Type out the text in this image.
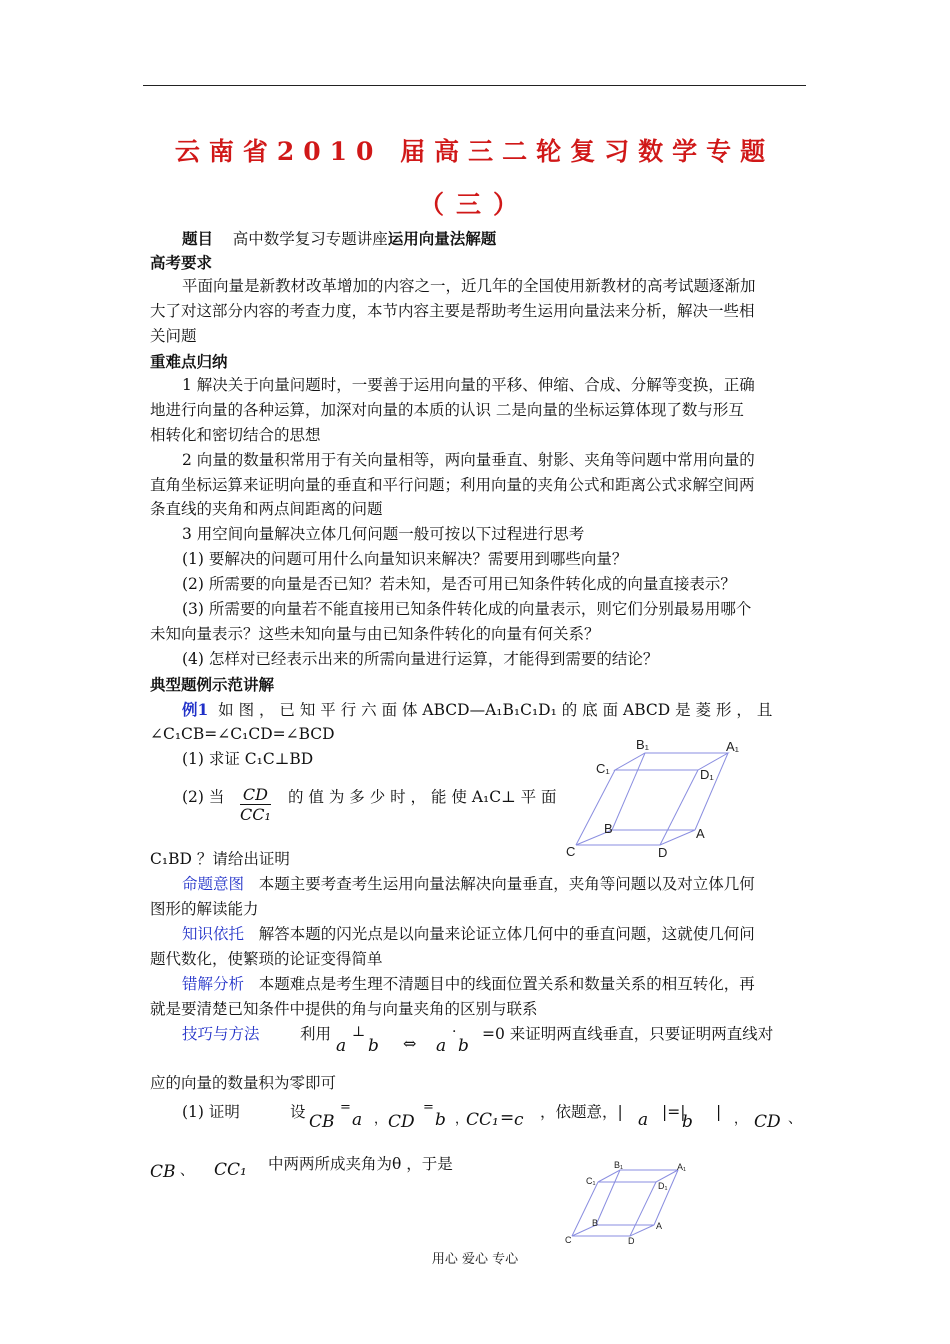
云南省2010 届高三二轮复习数学专题
（三）
题目 高中数学复习专题讲座运用向量法解题
高考要求
平面向量是新教材改革增加的内容之一，近几年的全国使用新教材的高考试题逐渐加
大了对这部分内容的考查力度，本节内容主要是帮助考生运用向量法来分析，解决一些相
关问题
重难点归纳
1 解决关于向量问题时，一要善于运用向量的平移、伸缩、合成、分解等变换，正确
地进行向量的各种运算，加深对向量的本质的认识 二是向量的坐标运算体现了数与形互
相转化和密切结合的思想
2 向量的数量积常用于有关向量相等，两向量垂直、射影、夹角等问题中常用向量的
直角坐标运算来证明向量的垂直和平行问题；利用向量的夹角公式和距离公式求解空间两
条直线的夹角和两点间距离的问题
3 用空间向量解决立体几何问题一般可按以下过程进行思考
(1) 要解决的问题可用什么向量知识来解决？需要用到哪些向量？
(2) 所需要的向量是否已知？若未知，是否可用已知条件转化成的向量直接表示？
(3) 所需要的向量若不能直接用已知条件转化成的向量表示，则它们分别最易用哪个
未知向量表示？这些未知向量与由已知条件转化的向量有何关系？
(4) 怎样对已经表示出来的所需向量进行运算，才能得到需要的结论？
典型题例示范讲解
例1 如 图 ， 已 知 平 行 六 面 体 ABCD—A₁B₁C₁D₁ 的 底 面 ABCD 是 菱 形 ， 且
∠C₁CB=∠C₁CD=∠BCD
(1) 求证 C₁C⊥BD
(2) 当 $\frac{CD}{\text{CC₁}}$ 的 值 为 多 少 时 ， 能 使 A₁C⊥ 平 面
C₁BD ？请给出证明
B₁	A₁
C₁	D₁
B	A
C	D
命题意图 本题主要考查考生运用向量法解决向量垂直，夹角等问题以及对立体几何
图形的解读能力
知识依托 解答本题的闪光点是以向量来论证立体几何中的垂直问题，这就使几何问
题代数化，使繁琐的论证变得简单
错解分析 本题难点是考生理不清题目中的线面位置关系和数量关系的相互转化，再
就是要清楚已知条件中提供的角与向量夹角的区别与联系
技巧与方法	利用
a
⊥
b ⇔ a
·
b
=0 来证明两直线垂直，只要证明两直线对
应的向量的数量积为零即可
(1) 证明	设 CB
=
a ， CD
=
b ，
CC₁ = c ，依题意，| a |=|
b | ， CD 、
CB 、 CC₁ 中两两所成夹角为θ ，于是	B₁	A₁
C₁	D₁
B	A
C	D
用心 爱心 专心
